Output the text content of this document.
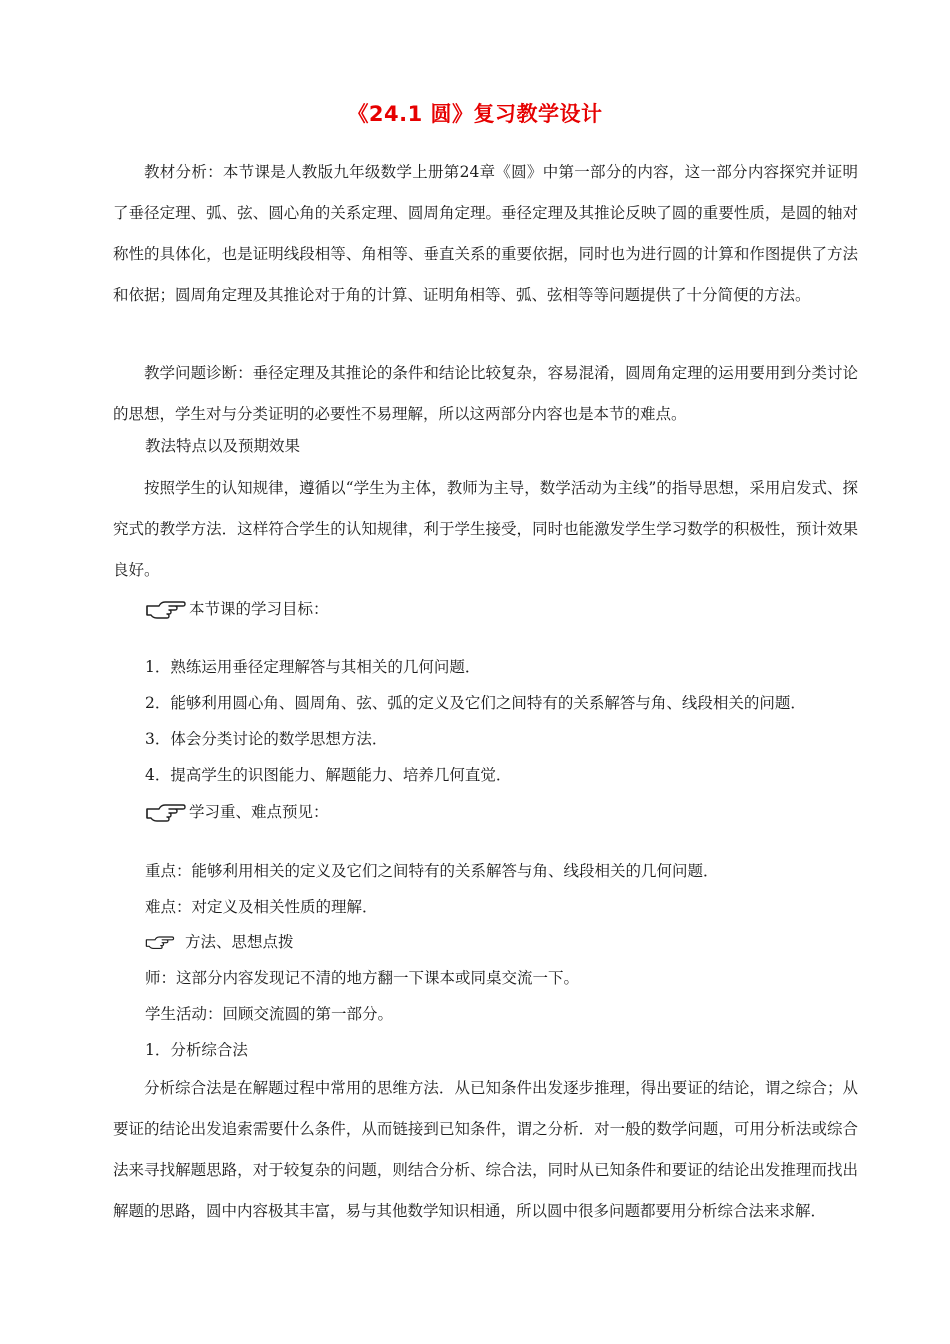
《24.1 圆》复习教学设计

教材分析：本节课是人教版九年级数学上册第24章《圆》中第一部分的内容，这一部分内容探究并证明了垂径定理、弧、弦、圆心角的关系定理、圆周角定理。垂径定理及其推论反映了圆的重要性质，是圆的轴对称性的具体化，也是证明线段相等、角相等、垂直关系的重要依据，同时也为进行圆的计算和作图提供了方法和依据；圆周角定理及其推论对于角的计算、证明角相等、弧、弦相等等问题提供了十分简便的方法。

教学问题诊断：垂径定理及其推论的条件和结论比较复杂，容易混淆，圆周角定理的运用要用到分类讨论的思想，学生对与分类证明的必要性不易理解，所以这两部分内容也是本节的难点。

教法特点以及预期效果

按照学生的认知规律，遵循以“学生为主体，教师为主导，数学活动为主线”的指导思想，采用启发式、探究式的教学方法．这样符合学生的认知规律，利于学生接受，同时也能激发学生学习数学的积极性，预计效果良好。

本节课的学习目标：
1．熟练运用垂径定理解答与其相关的几何问题．
2．能够利用圆心角、圆周角、弦、弧的定义及它们之间特有的关系解答与角、线段相关的问题．
3．体会分类讨论的数学思想方法．
4．提高学生的识图能力、解题能力、培养几何直觉．
学习重、难点预见：
重点：能够利用相关的定义及它们之间特有的关系解答与角、线段相关的几何问题．
难点：对定义及相关性质的理解．
方法、思想点拨
师：这部分内容发现记不清的地方翻一下课本或同桌交流一下。
学生活动：回顾交流圆的第一部分。
1．分析综合法

分析综合法是在解题过程中常用的思维方法．从已知条件出发逐步推理，得出要证的结论，谓之综合；从要证的结论出发追索需要什么条件，从而链接到已知条件，谓之分析．对一般的数学问题，可用分析法或综合法来寻找解题思路，对于较复杂的问题，则结合分析、综合法，同时从已知条件和要证的结论出发推理而找出解题的思路，圆中内容极其丰富，易与其他数学知识相通，所以圆中很多问题都要用分析综合法来求解．
